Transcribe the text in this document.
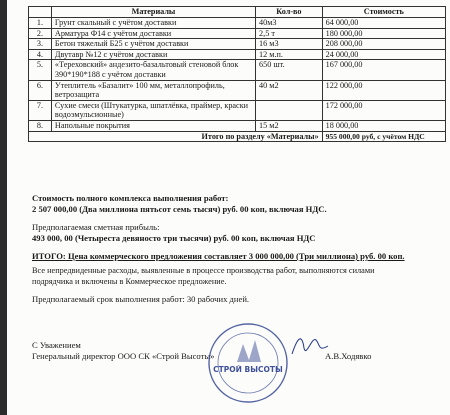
	Материалы	Кол-во	Стоимость
1.	Грунт скальный с учётом доставки	40м3	64 000,00
2.	Арматура Ф14 с учётом доставки	2,5 т	180 000,00
3.	Бетон тяжелый Б25 с учётом доставки	16 м3	208 000,00
4.	Двутавр №12 с учётом доставки	12 м.п.	24 000,00
5.	«Тереховский» андезито-базальтовый стеновой блок 390*190*188 с учётом доставки	650 шт.	167 000,00
6.	Утеплитель «Базалит» 100 мм, металлопрофиль, ветрозащита	40 м2	122 000,00
7.	Сухие смеси (Штукатурка, шпатлёвка, праймер, краски водоэмульсионные)		172 000,00
8.	Напольные покрытия	15 м2	18 000,00
Итого по разделу «Материалы»			955 000,00 руб, с учётом НДС
Стоимость полного комплекса выполнения работ:
2 507 000,00 (Два миллиона пятьсот семь тысяч) руб. 00 коп, включая НДС.
Предполагаемая сметная прибыль:
493 000, 00 (Четыреста девяносто три тысячи) руб. 00 коп, включая НДС
ИТОГО: Цена коммерческого предложения составляет 3 000 000,00 (Три миллиона) руб. 00 коп.
Все непредвиденные расходы, выявленные в процессе производства работ, выполняются силами
подрядчика и включены в Коммерческое предложение.
Предполагаемый срок выполнения работ: 30 рабочих дней.
С Уважением
Генеральный директор ООО СК «Строй Высоты»	А.В.Ходявко
СТРОЙ ВЫСОТЫ
